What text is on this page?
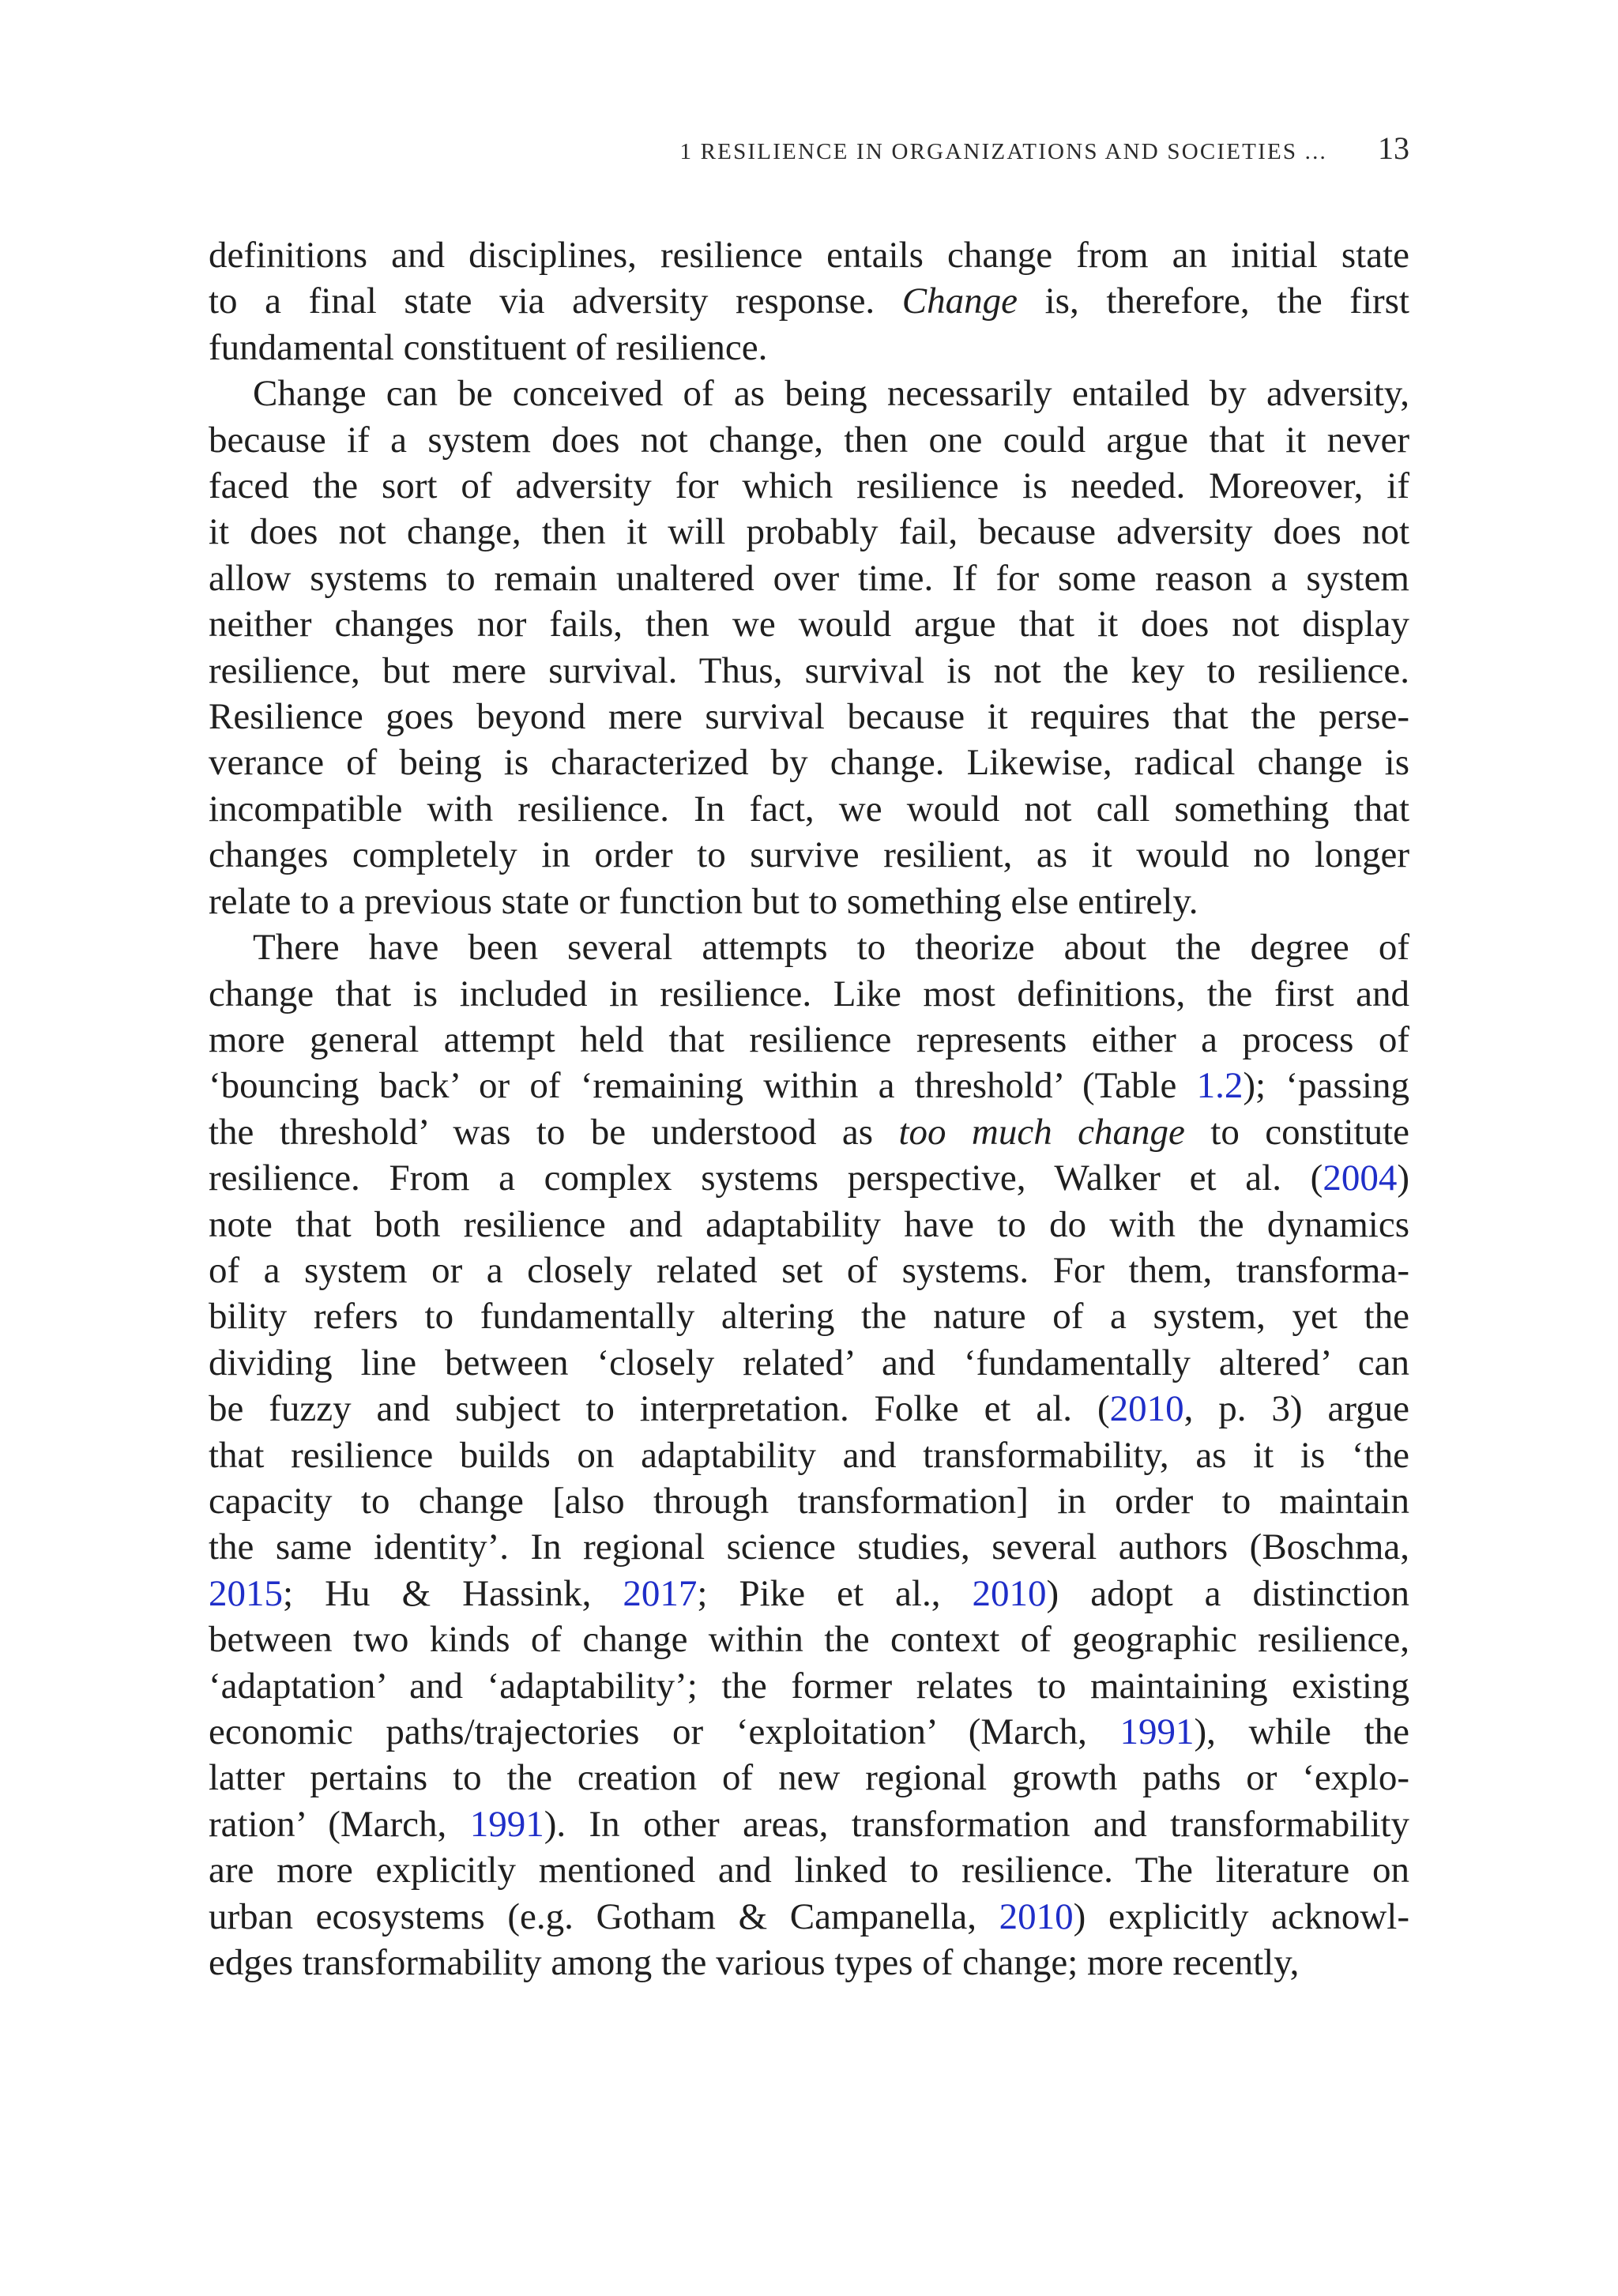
1 RESILIENCE IN ORGANIZATIONS AND SOCIETIES ... 13
definitions and disciplines, resilience entails change from an initial state
to a final state via adversity response. Change is, therefore, the first
fundamental constituent of resilience.
Change can be conceived of as being necessarily entailed by adversity,
because if a system does not change, then one could argue that it never
faced the sort of adversity for which resilience is needed. Moreover, if
it does not change, then it will probably fail, because adversity does not
allow systems to remain unaltered over time. If for some reason a system
neither changes nor fails, then we would argue that it does not display
resilience, but mere survival. Thus, survival is not the key to resilience.
Resilience goes beyond mere survival because it requires that the perse-
verance of being is characterized by change. Likewise, radical change is
incompatible with resilience. In fact, we would not call something that
changes completely in order to survive resilient, as it would no longer
relate to a previous state or function but to something else entirely.
There have been several attempts to theorize about the degree of
change that is included in resilience. Like most definitions, the first and
more general attempt held that resilience represents either a process of
‘bouncing back’ or of ‘remaining within a threshold’ (Table 1.2); ‘passing
the threshold’ was to be understood as too much change to constitute
resilience. From a complex systems perspective, Walker et al. (2004)
note that both resilience and adaptability have to do with the dynamics
of a system or a closely related set of systems. For them, transforma-
bility refers to fundamentally altering the nature of a system, yet the
dividing line between ‘closely related’ and ‘fundamentally altered’ can
be fuzzy and subject to interpretation. Folke et al. (2010, p. 3) argue
that resilience builds on adaptability and transformability, as it is ‘the
capacity to change [also through transformation] in order to maintain
the same identity’. In regional science studies, several authors (Boschma,
2015; Hu & Hassink, 2017; Pike et al., 2010) adopt a distinction
between two kinds of change within the context of geographic resilience,
‘adaptation’ and ‘adaptability’; the former relates to maintaining existing
economic paths/trajectories or ‘exploitation’ (March, 1991), while the
latter pertains to the creation of new regional growth paths or ‘explo-
ration’ (March, 1991). In other areas, transformation and transformability
are more explicitly mentioned and linked to resilience. The literature on
urban ecosystems (e.g. Gotham & Campanella, 2010) explicitly acknowl-
edges transformability among the various types of change; more recently,
